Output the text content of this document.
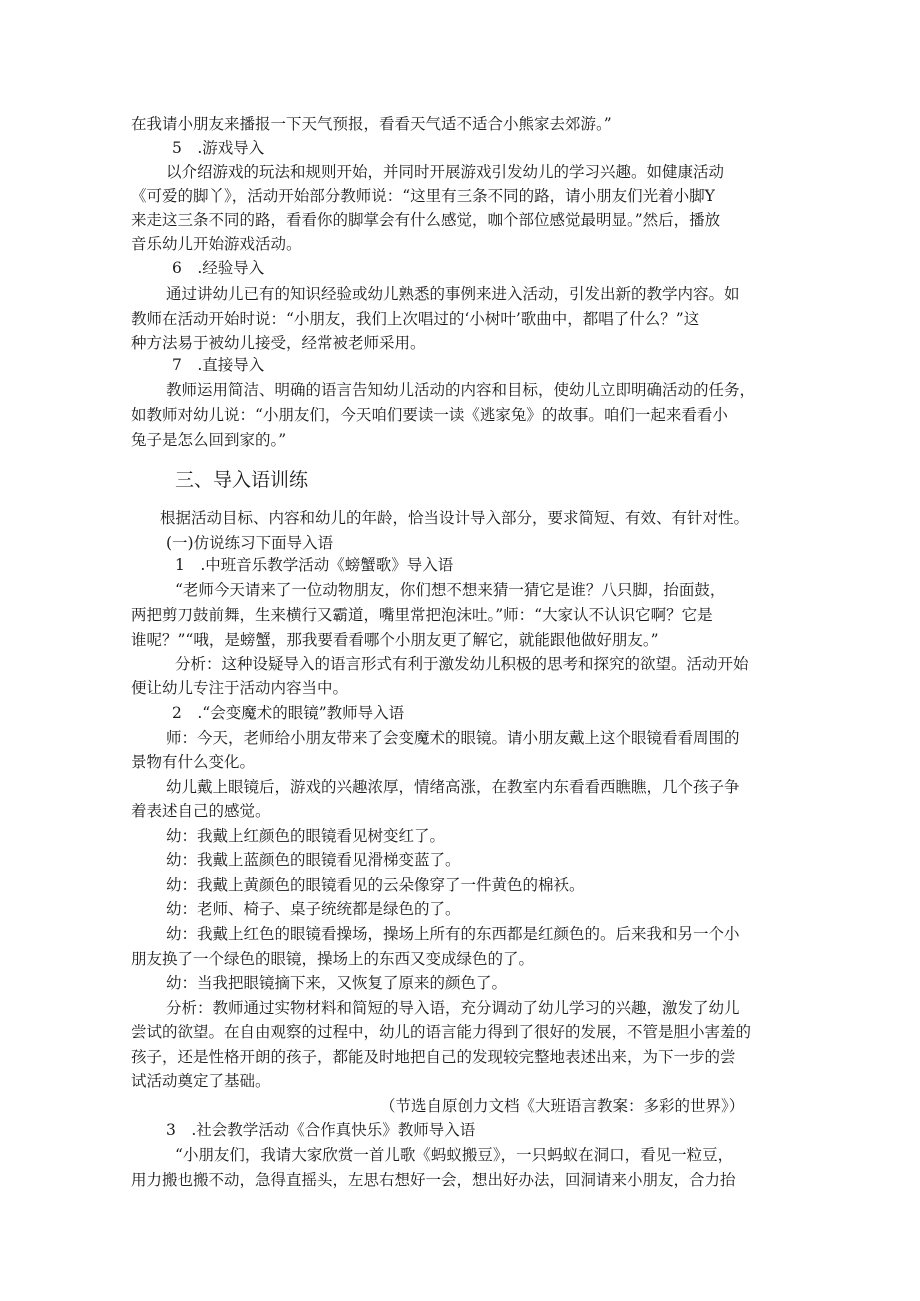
在我请小朋友来播报一下天气预报，看看天气适不适合小熊家去郊游。”
5　.游戏导入
以介绍游戏的玩法和规则开始，并同时开展游戏引发幼儿的学习兴趣。如健康活动
《可爱的脚丫》，活动开始部分教师说：“这里有三条不同的路，请小朋友们光着小脚Y
来走这三条不同的路，看看你的脚掌会有什么感觉，咖个部位感觉最明显。”然后，播放
音乐幼儿开始游戏活动。
6　.经验导入
通过讲幼儿已有的知识经验或幼儿熟悉的事例来进入活动，引发出新的教学内容。如
教师在活动开始时说：“小朋友，我们上次唱过的‘小树叶’歌曲中，都唱了什么？”这
种方法易于被幼儿接受，经常被老师采用。
7　.直接导入
教师运用简洁、明确的语言告知幼儿活动的内容和目标，使幼儿立即明确活动的任务，
如教师对幼儿说：“小朋友们，今天咱们要读一读《逃家兔》的故事。咱们一起来看看小
兔子是怎么回到家的。”
三、导入语训练
根据活动目标、内容和幼儿的年龄，恰当设计导入部分，要求简短、有效、有针对性。
(一)仿说练习下面导入语
1　.中班音乐教学活动《螃蟹歌》导入语
“老师今天请来了一位动物朋友，你们想不想来猜一猜它是谁？八只脚，抬面鼓，
两把剪刀鼓前舞，生来横行又霸道，嘴里常把泡沫吐。”师：“大家认不认识它啊？它是
谁呢？”“哦，是螃蟹，那我要看看哪个小朋友更了解它，就能跟他做好朋友。”
分析：这种设疑导入的语言形式有利于激发幼儿积极的思考和探究的欲望。活动开始
便让幼儿专注于活动内容当中。
2　.“会变魔术的眼镜”教师导入语
师：今天，老师给小朋友带来了会变魔术的眼镜。请小朋友戴上这个眼镜看看周围的
景物有什么变化。
幼儿戴上眼镜后，游戏的兴趣浓厚，情绪高涨，在教室内东看看西瞧瞧，几个孩子争
着表述自己的感觉。
幼：我戴上红颜色的眼镜看见树变红了。
幼：我戴上蓝颜色的眼镜看见滑梯变蓝了。
幼：我戴上黄颜色的眼镜看见的云朵像穿了一件黄色的棉袄。
幼：老师、椅子、桌子统统都是绿色的了。
幼：我戴上红色的眼镜看操场，操场上所有的东西都是红颜色的。后来我和另一个小
朋友换了一个绿色的眼镜，操场上的东西又变成绿色的了。
幼：当我把眼镜摘下来，又恢复了原来的颜色了。
分析：教师通过实物材料和简短的导入语，充分调动了幼儿学习的兴趣，激发了幼儿
尝试的欲望。在自由观察的过程中，幼儿的语言能力得到了很好的发展，不管是胆小害羞的
孩子，还是性格开朗的孩子，都能及时地把自己的发现较完整地表述出来，为下一步的尝
试活动奠定了基础。
（节选自原创力文档《大班语言教案：多彩的世界》）
3　.社会教学活动《合作真快乐》教师导入语
“小朋友们，我请大家欣赏一首儿歌《蚂蚁搬豆》，一只蚂蚁在洞口，看见一粒豆，
用力搬也搬不动，急得直摇头，左思右想好一会，想出好办法，回洞请来小朋友，合力抬
